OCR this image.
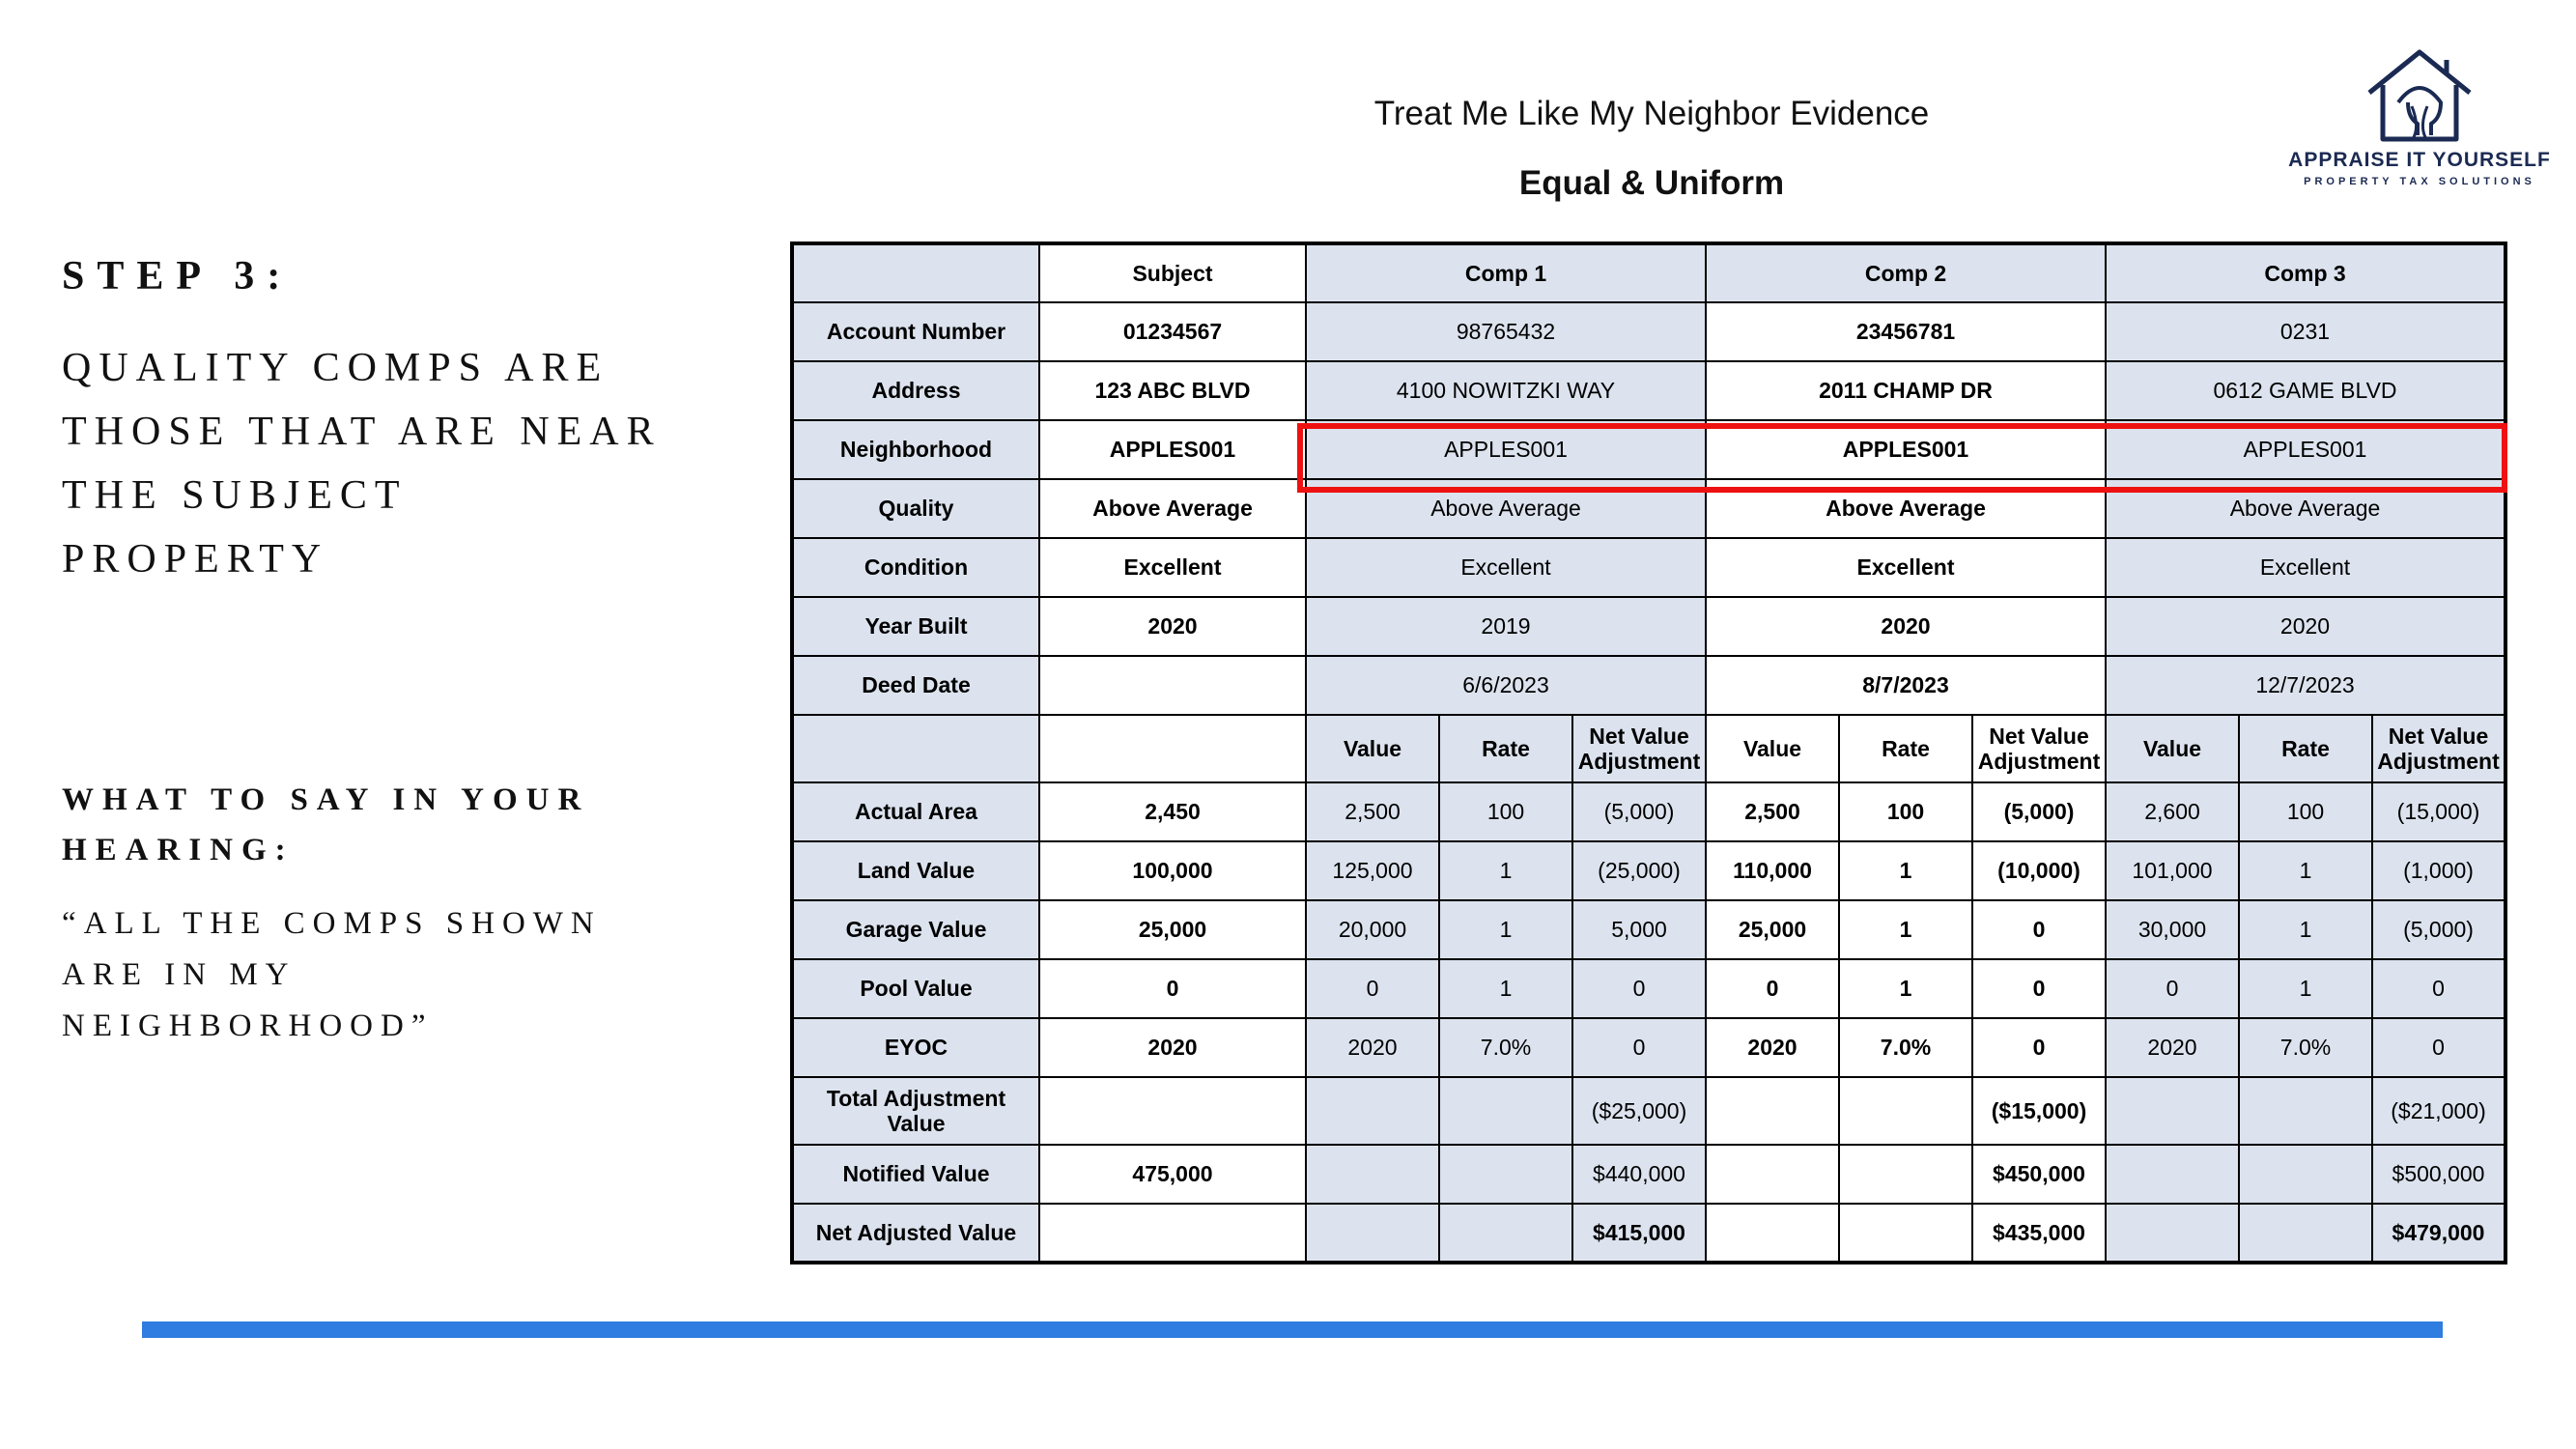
STEP 3:
QUALITY COMPS ARE THOSE THAT ARE NEAR THE SUBJECT PROPERTY
WHAT TO SAY IN YOUR HEARING:
“ALL THE COMPS SHOWN ARE IN MY NEIGHBORHOOD”
Treat Me Like My Neighbor Evidence
Equal & Uniform
APPRAISE IT YOURSELF
PROPERTY TAX SOLUTIONS
	Subject	Comp 1			Comp 2			Comp 3		
Account Number	01234567	98765432			23456781			0231		
Address	123 ABC BLVD	4100 NOWITZKI WAY			2011 CHAMP DR			0612 GAME BLVD		
Neighborhood	APPLES001	APPLES001			APPLES001			APPLES001		
Quality	Above Average	Above Average			Above Average			Above Average		
Condition	Excellent	Excellent			Excellent			Excellent		
Year Built	2020	2019			2020			2020		
Deed Date		6/6/2023			8/7/2023			12/7/2023		
		Value	Rate	Net Value Adjustment	Value	Rate	Net Value Adjustment	Value	Rate	Net Value Adjustment
Actual Area	2,450	2,500	100	(5,000)	2,500	100	(5,000)	2,600	100	(15,000)
Land Value	100,000	125,000	1	(25,000)	110,000	1	(10,000)	101,000	1	(1,000)
Garage Value	25,000	20,000	1	5,000	25,000	1	0	30,000	1	(5,000)
Pool Value	0	0	1	0	0	1	0	0	1	0
EYOC	2020	2020	7.0%	0	2020	7.0%	0	2020	7.0%	0
Total Adjustment Value				($25,000)			($15,000)			($21,000)
Notified Value	475,000			$440,000			$450,000			$500,000
Net Adjusted Value				$415,000			$435,000			$479,000
